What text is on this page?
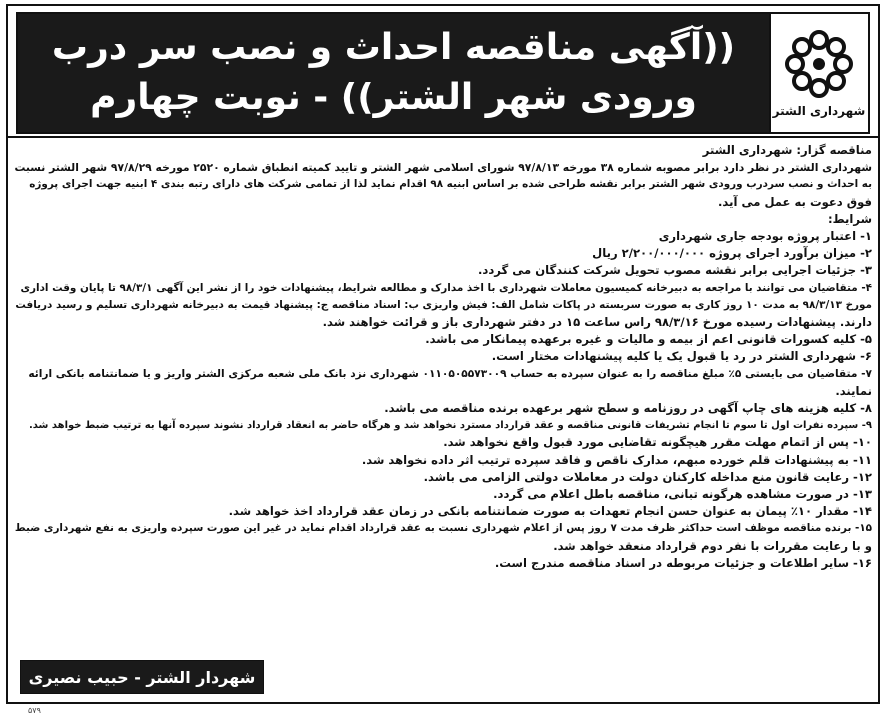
شهرداری الشتر
((آگهی مناقصه احداث و نصب سر درب
ورودی شهر الشتر)) - نوبت چهارم
مناقصه گزار: شهرداری الشتر
شهرداری الشتر در نظر دارد برابر مصوبه شماره ۳۸ مورخه ۹۷/۸/۱۳ شورای اسلامی شهر الشتر و تایید کمیته انطباق شماره ۲۵۲۰ مورخه ۹۷/۸/۲۹ شهر الشتر نسبت
به احداث و نصب سردرب ورودی شهر الشتر برابر نقشه طراحی شده بر اساس ابنیه ۹۸ اقدام نماید لذا از تمامی شرکت های دارای رتبه بندی ۴ ابنیه جهت اجرای پروژه
فوق دعوت به عمل می آید.
شرایط:
۱- اعتبار پروژه بودجه جاری شهرداری
۲- میزان برآورد اجرای پروژه ۲/۲۰۰/۰۰۰/۰۰۰ ریال
۳- جزئیات اجرایی برابر نقشه مصوب تحویل شرکت کنندگان می گردد.
۴- متقاضیان می توانند با مراجعه به دبیرخانه کمیسیون معاملات شهرداری با اخذ مدارک و مطالعه شرایط، پیشنهادات خود را از نشر این آگهی ۹۸/۳/۱ تا پایان وقت اداری
مورخ ۹۸/۳/۱۳ به مدت ۱۰ روز کاری به صورت سربسته در پاکات شامل الف: فیش واریزی ب: اسناد مناقصه ج: پیشنهاد قیمت به دبیرخانه شهرداری تسلیم و رسید دریافت
دارند. پیشنهادات رسیده مورخ ۹۸/۳/۱۶ راس ساعت ۱۵ در دفتر شهرداری باز و قرائت خواهند شد.
۵- کلیه کسورات قانونی اعم از بیمه و مالیات و غیره برعهده پیمانکار می باشد.
۶- شهرداری الشتر در رد یا قبول یک یا کلیه پیشنهادات مختار است.
۷- متقاضیان می بایستی ۵٪ مبلغ مناقصه را به عنوان سپرده به حساب ۰۱۱۰۵۰۵۵۷۳۰۰۹ شهرداری نزد بانک ملی شعبه مرکزی الشتر واریز و یا ضمانتنامه بانکی ارائه
نمایند.
۸- کلیه هزینه های چاپ آگهی در روزنامه و سطح شهر برعهده برنده مناقصه می باشد.
۹- سپرده نفرات اول تا سوم تا انجام تشریفات قانونی مناقصه و عقد قرارداد مسترد نخواهد شد و هرگاه حاضر به انعقاد قرارداد نشوند سپرده آنها به ترتیب ضبط خواهد شد.
۱۰- پس از اتمام مهلت مقرر هیچگونه تقاضایی مورد قبول واقع نخواهد شد.
۱۱- به پیشنهادات قلم خورده مبهم، مدارک ناقص و فاقد سپرده ترتیب اثر داده نخواهد شد.
۱۲- رعایت قانون منع مداخله کارکنان دولت در معاملات دولتی الزامی می باشد.
۱۳- در صورت مشاهده هرگونه تبانی، مناقصه باطل اعلام می گردد.
۱۴- مقدار ۱۰٪ پیمان به عنوان حسن انجام تعهدات به صورت ضمانتنامه بانکی در زمان عقد قرارداد اخذ خواهد شد.
۱۵- برنده مناقصه موظف است حداکثر ظرف مدت ۷ روز پس از اعلام شهرداری نسبت به عقد قرارداد اقدام نماید در غیر این صورت سپرده واریزی به نفع شهرداری ضبط
و با رعایت مقررات با نفر دوم قرارداد منعقد خواهد شد.
۱۶- سایر اطلاعات و جزئیات مربوطه در اسناد مناقصه مندرج است.
شهردار الشتر - حبیب نصیری
۵۷۹
